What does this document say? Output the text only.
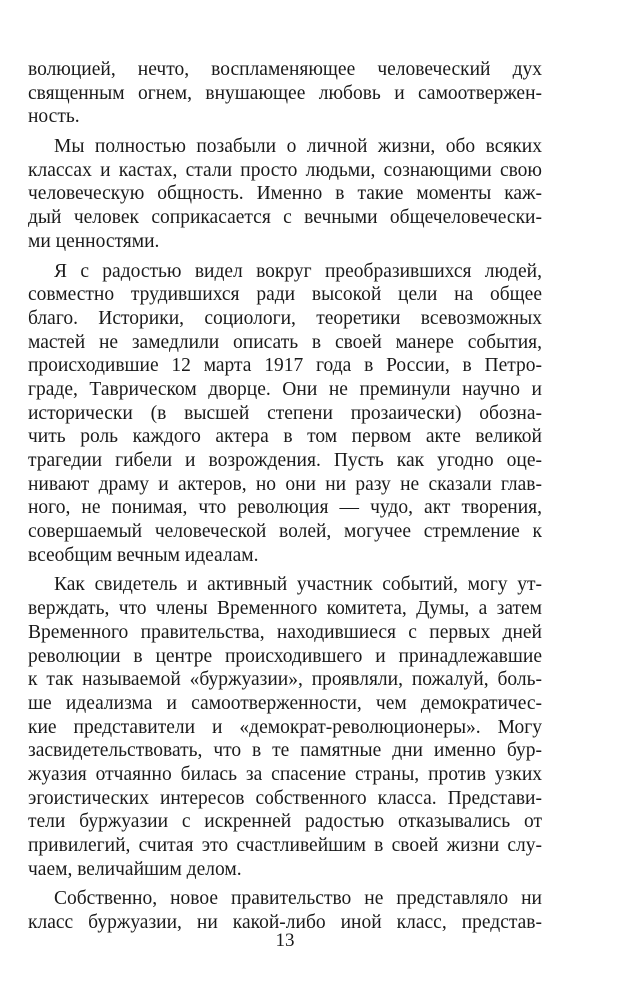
волюцией, нечто, воспламеняющее человеческий дух
священным огнем, внушающее любовь и самоотвержен-
ность.
Мы полностью позабыли о личной жизни, обо всяких
классах и кастах, стали просто людьми, сознающими свою
человеческую общность. Именно в такие моменты каж-
дый человек соприкасается с вечными общечеловечески-
ми ценностями.
Я с радостью видел вокруг преобразившихся людей,
совместно трудившихся ради высокой цели на общее
благо. Историки, социологи, теоретики всевозможных
мастей не замедлили описать в своей манере события,
происходившие 12 марта 1917 года в России, в Петро-
граде, Таврическом дворце. Они не преминули научно и
исторически (в высшей степени прозаически) обозна-
чить роль каждого актера в том первом акте великой
трагедии гибели и возрождения. Пусть как угодно оце-
нивают драму и актеров, но они ни разу не сказали глав-
ного, не понимая, что революция — чудо, акт творения,
совершаемый человеческой волей, могучее стремление к
всеобщим вечным идеалам.
Как свидетель и активный участник событий, могу ут-
верждать, что члены Временного комитета, Думы, а затем
Временного правительства, находившиеся с первых дней
революции в центре происходившего и принадлежавшие
к так называемой «буржуазии», проявляли, пожалуй, боль-
ше идеализма и самоотверженности, чем демократичес-
кие представители и «демократ-революционеры». Могу
засвидетельствовать, что в те памятные дни именно бур-
жуазия отчаянно билась за спасение страны, против узких
эгоистических интересов собственного класса. Представи-
тели буржуазии с искренней радостью отказывались от
привилегий, считая это счастливейшим в своей жизни слу-
чаем, величайшим делом.
Собственно, новое правительство не представляло ни
класс буржуазии, ни какой-либо иной класс, представ-
13
